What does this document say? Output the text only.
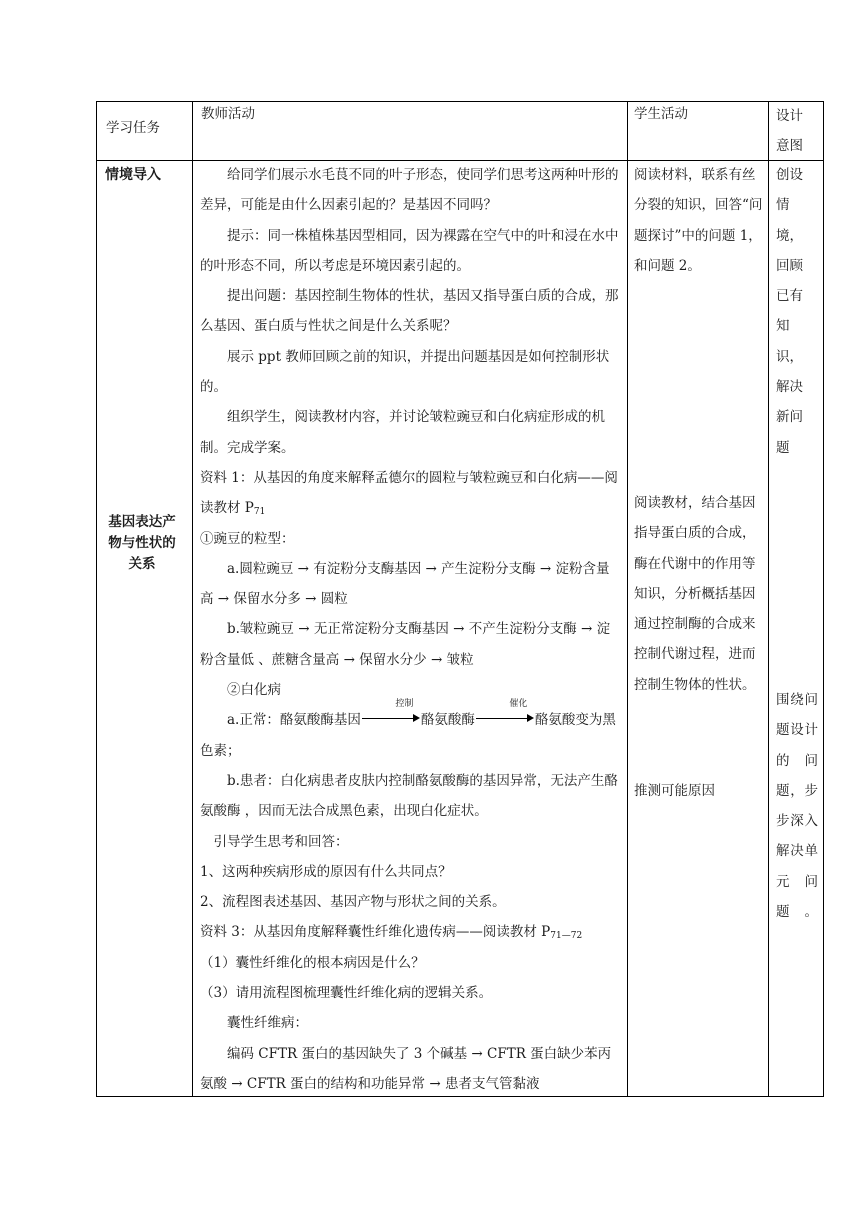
学习任务
教师活动	学生活动	设计意图
情境导入
基因表达产物与性状的关系

给同学们展示水毛茛不同的叶子形态，使同学们思考这两种叶形的差异，可能是由什么因素引起的？是基因不同吗？

提示：同一株植株基因型相同，因为裸露在空气中的叶和浸在水中的叶形态不同，所以考虑是环境因素引起的。

提出问题：基因控制生物体的性状，基因又指导蛋白质的合成，那么基因、蛋白质与性状之间是什么关系呢？

展示 ppt 教师回顾之前的知识，并提出问题基因是如何控制形状的。

组织学生，阅读教材内容，并讨论皱粒豌豆和白化病症形成的机制。完成学案。

资料 1：从基因的角度来解释孟德尔的圆粒与皱粒豌豆和白化病——阅读教材 $P_{71}$

①豌豆的粒型：

a.圆粒豌豆 → 有淀粉分支酶基因 → 产生淀粉分支酶 → 淀粉含量高 → 保留水分多 → 圆粒

b.皱粒豌豆 → 无正常淀粉分支酶基因 → 不产生淀粉分支酶 → 淀粉含量低 、蔗糖含量高 → 保留水分少 → 皱粒

②白化病

a.正常：酪氨酸酶基因
控制
酪氨酸酶
催化
酪氨酸变为黑色素；

b.患者：白化病患者皮肤内控制酪氨酸酶的基因异常，无法产生酪氨酸酶 ，因而无法合成黑色素，出现白化症状。

引导学生思考和回答：

1、这两种疾病形成的原因有什么共同点？

2、流程图表述基因、基因产物与形状之间的关系。

资料 3：从基因角度解释囊性纤维化遗传病——阅读教材 $P_{71—72}$

（1）囊性纤维化的根本病因是什么？

（3）请用流程图梳理囊性纤维化病的逻辑关系。

囊性纤维病：

编码 CFTR 蛋白的基因缺失了 3 个碱基 → CFTR 蛋白缺少苯丙氨酸 → CFTR 蛋白的结构和功能异常 → 患者支气管黏液

阅读材料，联系有丝分裂的知识，回答“问题探讨”中的问题 1，和问题 2。
阅读教材，结合基因指导蛋白质的合成，酶在代谢中的作用等知识，分析概括基因通过控制酶的合成来控制代谢过程，进而控制生物体的性状。
推测可能原因
创设情境，回顾已有知识，解决新问题
围绕问题设计的问题，步步深入解决单元问题。
